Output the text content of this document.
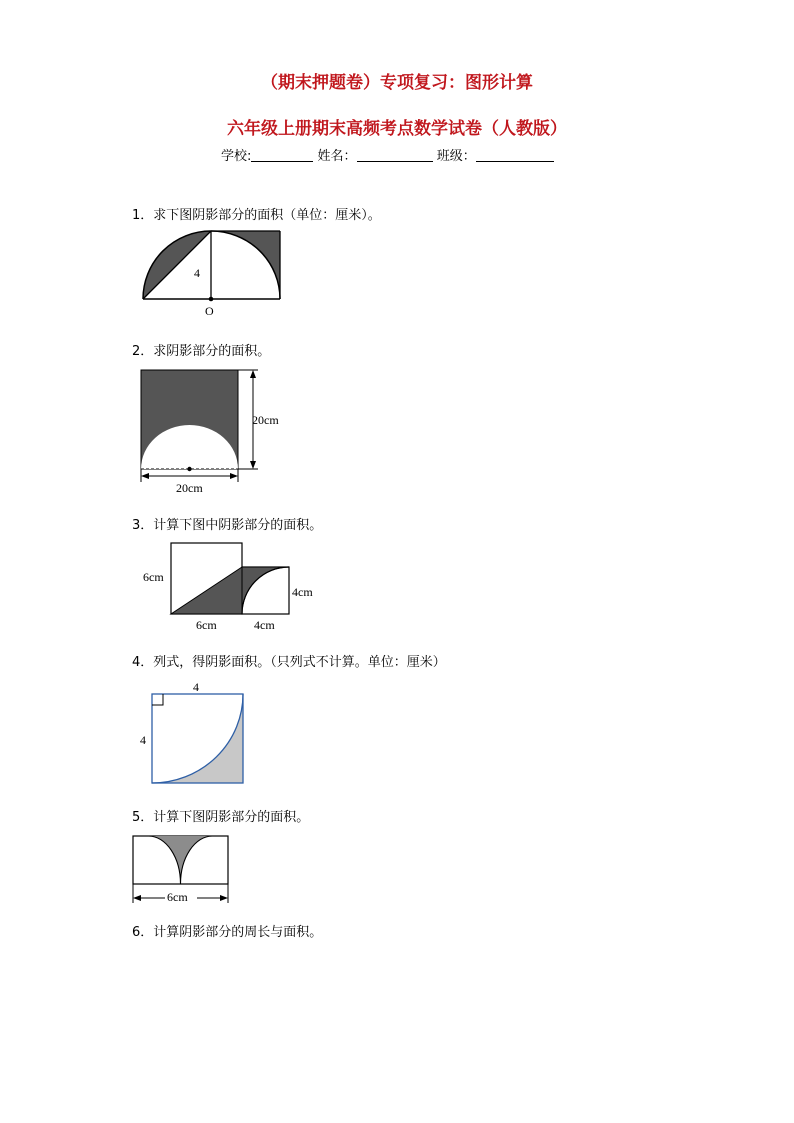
（期末押题卷）专项复习：图形计算
六年级上册期末高频考点数学试卷（人教版）
学校:	姓名：	班级：
1．求下图阴影部分的面积（单位：厘米）。
4
O
2．求阴影部分的面积。
20cm
20cm
3．计算下图中阴影部分的面积。
6cm
6cm	4cm
4cm
4．列式，得阴影面积。（只列式不计算。单位：厘米）
4
4
5．计算下图阴影部分的面积。
6cm
6．计算阴影部分的周长与面积。
